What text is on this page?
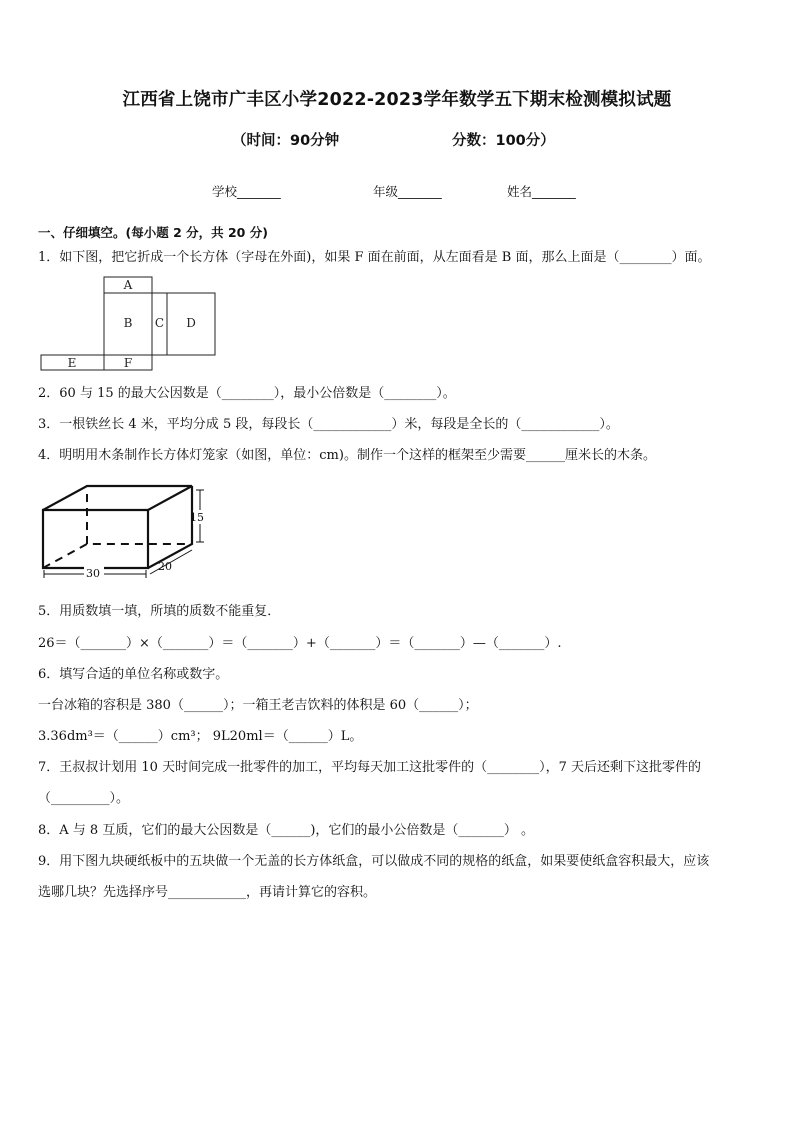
江西省上饶市广丰区小学2022-2023学年数学五下期末检测模拟试题
（时间：90分钟	分数：100分）
学校_______	年级_______	姓名_______
一、仔细填空。(每小题 2 分，共 20 分)
1．如下图，把它折成一个长方体（字母在外面)，如果 F 面在前面，从左面看是 B 面，那么上面是（________）面。
A
B C D
E	F
2．60 与 15 的最大公因数是（________），最小公倍数是（________）。
3．一根铁丝长 4 米，平均分成 5 段，每段长（____________）米，每段是全长的（____________）。
4．明明用木条制作长方体灯笼家（如图，单位：cm)。制作一个这样的框架至少需要______厘米长的木条。
30
20
15
5．用质数填一填，所填的质数不能重复．
26＝（_______）×（_______）＝（_______）+（_______）＝（_______）—（_______）.
6．填写合适的单位名称或数字。
一台冰箱的容积是 380（______）；一箱王老吉饮料的体积是 60（______）；
3.36dm³＝（______）cm³； 9L20ml＝（______）L。
7．王叔叔计划用 10 天时间完成一批零件的加工，平均每天加工这批零件的（________），7 天后还剩下这批零件的
（_________）。
8．A 与 8 互质，它们的最大公因数是（______)，它们的最小公倍数是（_______） 。
9．用下图九块硬纸板中的五块做一个无盖的长方体纸盒，可以做成不同的规格的纸盒，如果要使纸盒容积最大，应该
选哪几块？先选择序号____________，再请计算它的容积。
